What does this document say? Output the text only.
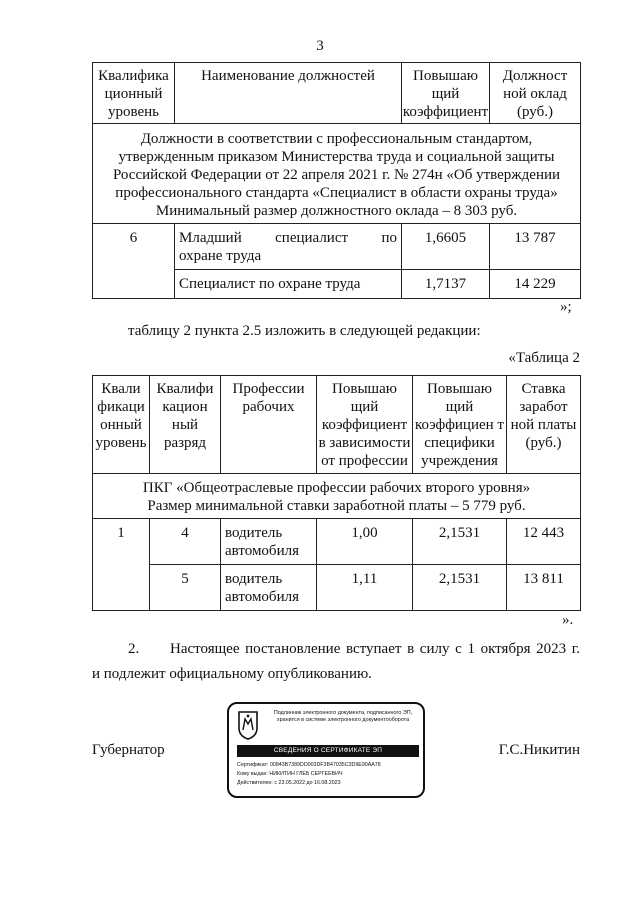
3
Квалифика ционный уровень	Наименование должностей	Повышаю щий коэффициент	Должност ной оклад (руб.)

Должности в соответствии с профессиональным стандартом,
утвержденным приказом Министерства труда и социальной защиты
Российской Федерации от 22 апреля 2021 г. № 274н «Об утверждении
профессионального стандарта «Специалист в области охраны труда»
Минимальный размер должностного оклада – 8 303 руб.			

6	Младший специалист по
охране труда	1,6605	13 787
	Специалист по охране труда	1,7137	14 229
»;
таблицу 2 пункта 2.5 изложить в следующей редакции:
«Таблица 2
Квали фикаци онный уровень	Квалифи кацион ный разряд	Профессии рабочих	Повышаю щий коэффициент в зависимости от профессии	Повышаю щий коэффициен т специфики учреждения	Ставка заработ ной платы (руб.)

ПКГ «Общеотраслевые профессии рабочих второго уровня»
Размер минимальной ставки заработной платы – 5 779 руб.					

1	4	водитель автомобиля	1,00	2,1531	12 443
	5	водитель автомобиля	1,11	2,1531	13 811
».
2. Настоящее постановление вступает в силу с 1 октября 2023 г.
и подлежит официальному опубликованию.
Губернатор	Г.С.Никитин
Подлинник электронного документа, подписанного ЭП,
хранится в системе электронного документооборота
СВЕДЕНИЯ О СЕРТИФИКАТЕ ЭП
Сертификат: 00843B7389DD003DF3B47035C3D9E90AA78
Кому выдан: НИКИТИН ГЛЕБ СЕРГЕЕВИЧ
Действителен: с 23.05.2022 до 16.08.2023
